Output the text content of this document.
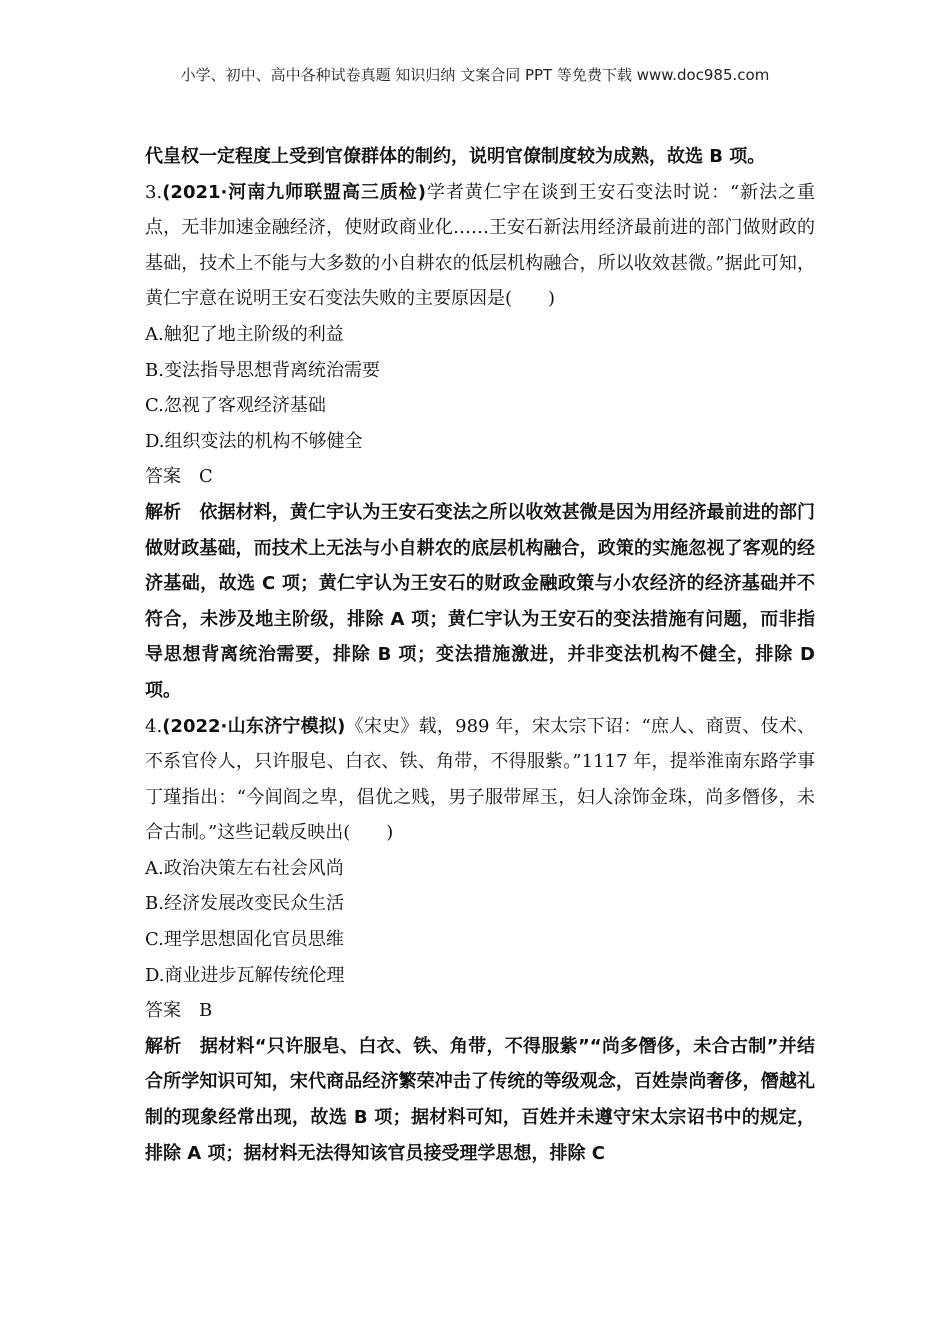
小学、初中、高中各种试卷真题 知识归纳 文案合同 PPT 等免费下载 www.doc985.com

代皇权一定程度上受到官僚群体的制约，说明官僚制度较为成熟，故选 B 项。

3.(2021·河南九师联盟高三质检)学者黄仁宇在谈到王安石变法时说：“新法之重点，无非加速金融经济，使财政商业化……王安石新法用经济最前进的部门做财政的基础，技术上不能与大多数的小自耕农的低层机构融合，所以收效甚微。”据此可知，黄仁宇意在说明王安石变法失败的主要原因是(　　)

A.触犯了地主阶级的利益

B.变法指导思想背离统治需要

C.忽视了客观经济基础

D.组织变法的机构不够健全

答案 C

解析 依据材料，黄仁宇认为王安石变法之所以收效甚微是因为用经济最前进的部门做财政基础，而技术上无法与小自耕农的底层机构融合，政策的实施忽视了客观的经济基础，故选 C 项；黄仁宇认为王安石的财政金融政策与小农经济的经济基础并不符合，未涉及地主阶级，排除 A 项；黄仁宇认为王安石的变法措施有问题，而非指导思想背离统治需要，排除 B 项；变法措施激进，并非变法机构不健全，排除 D 项。

4.(2022·山东济宁模拟)《宋史》载，989 年，宋太宗下诏：“庶人、商贾、伎术、不系官伶人，只许服皂、白衣、铁、角带，不得服紫。”1117 年，提举淮南东路学事丁瑾指出：“今闾阎之卑，倡优之贱，男子服带犀玉，妇人涂饰金珠，尚多僭侈，未合古制。”这些记载反映出(　　)

A.政治决策左右社会风尚

B.经济发展改变民众生活

C.理学思想固化官员思维

D.商业进步瓦解传统伦理

答案 B

解析 据材料“只许服皂、白衣、铁、角带，不得服紫”“尚多僭侈，未合古制”并结合所学知识可知，宋代商品经济繁荣冲击了传统的等级观念，百姓崇尚奢侈，僭越礼制的现象经常出现，故选 B 项；据材料可知，百姓并未遵守宋太宗诏书中的规定，排除 A 项；据材料无法得知该官员接受理学思想，排除 C
